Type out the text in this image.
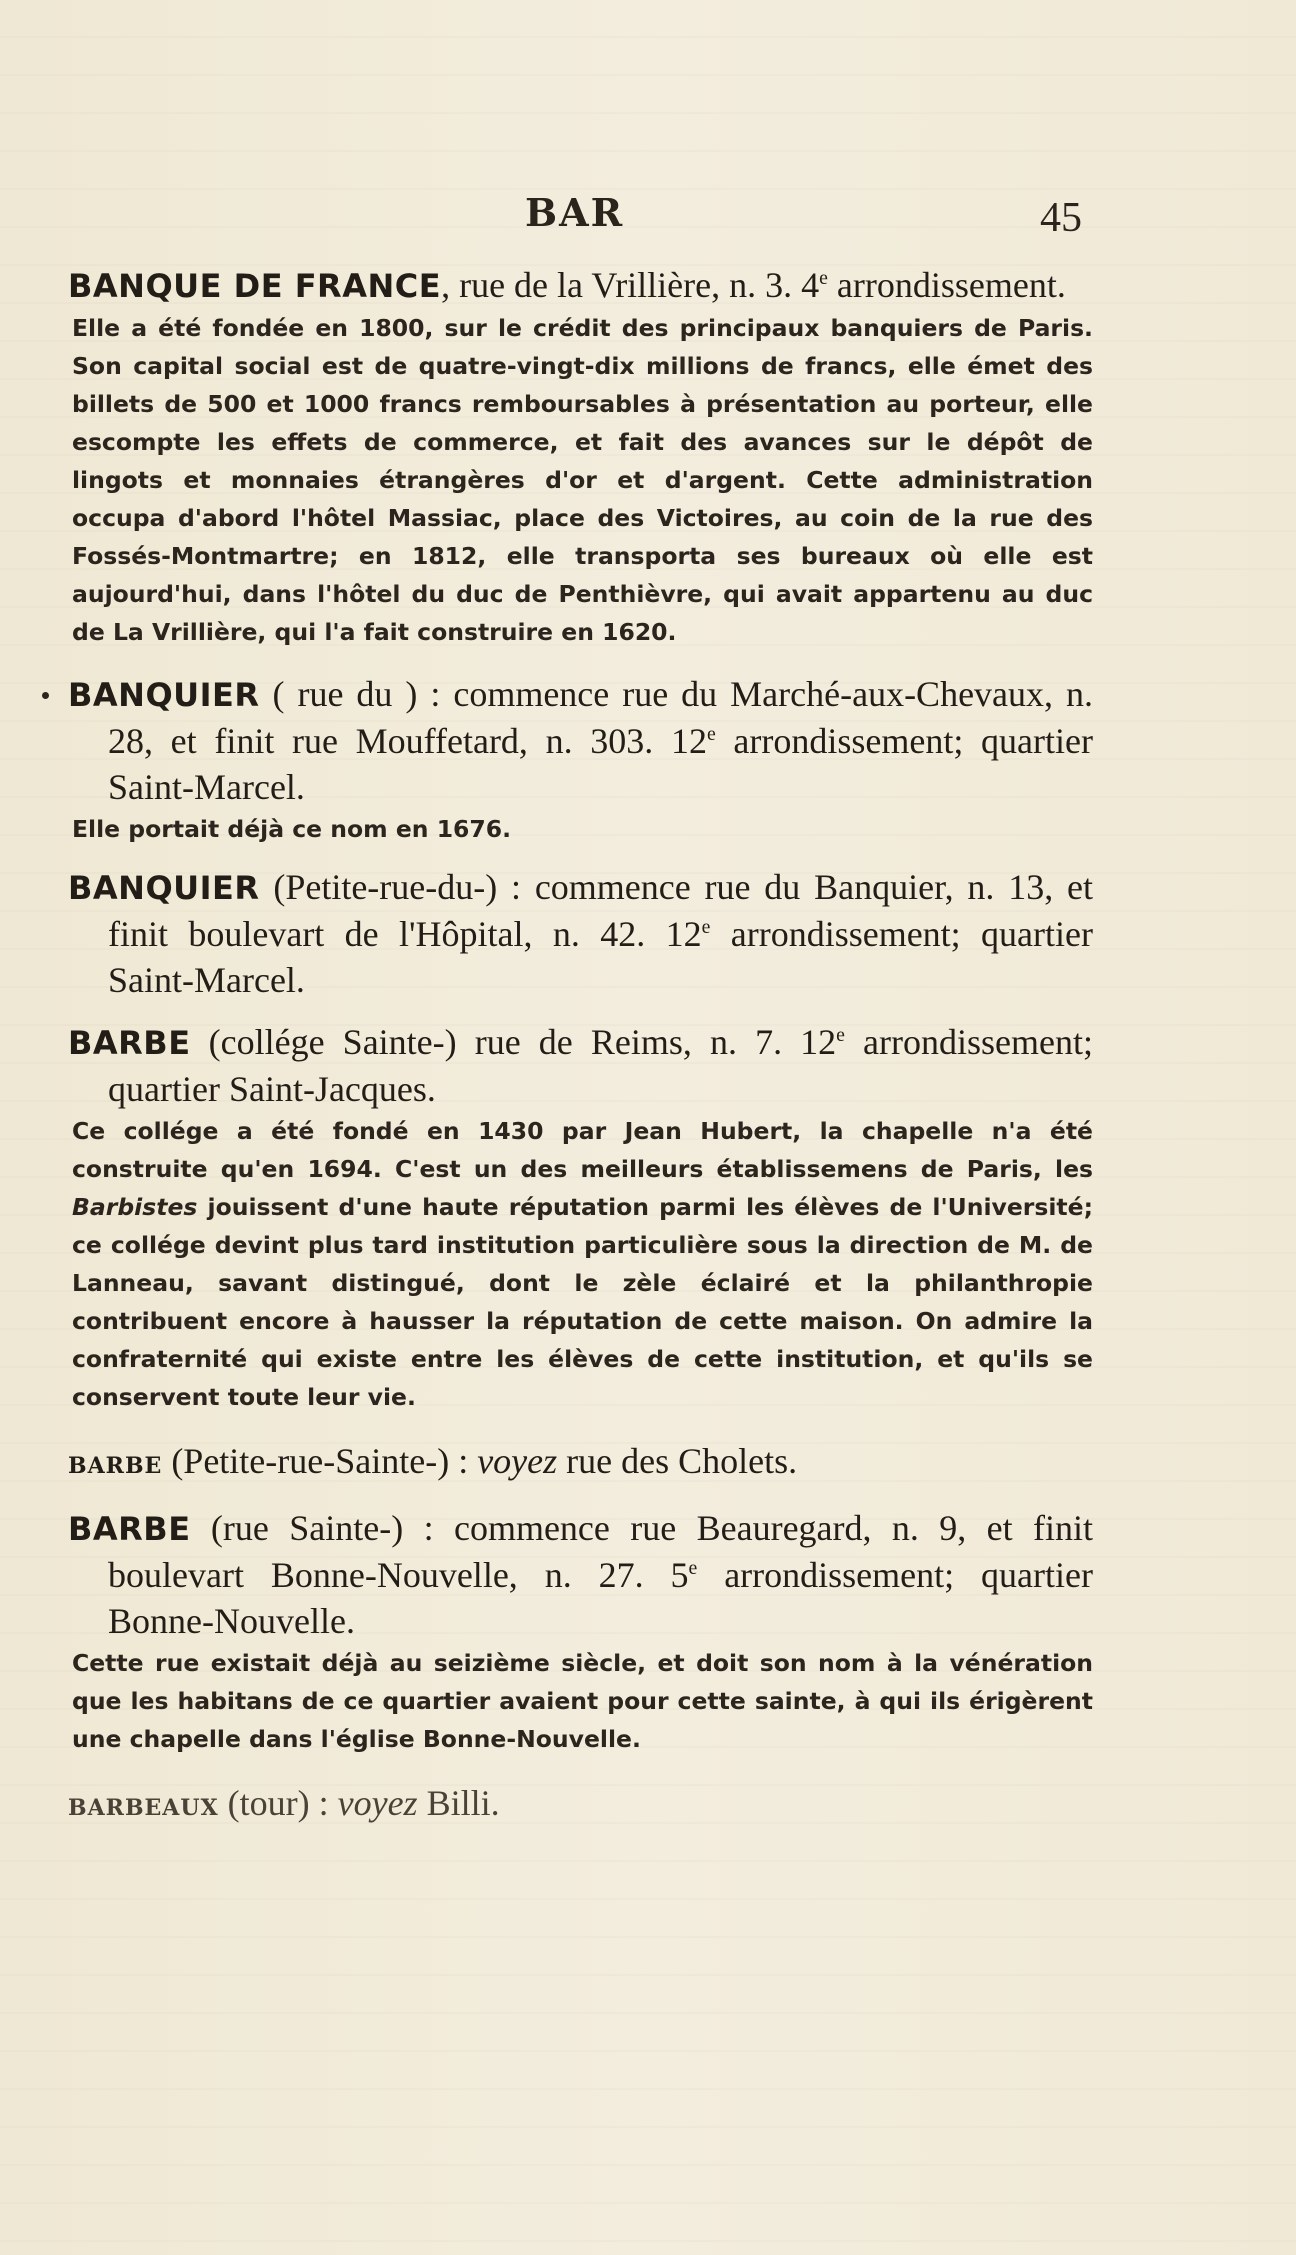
BAR	45

BANQUE DE FRANCE, rue de la Vrillière, n. 3. 4e arrondissement.

Elle a été fondée en 1800, sur le crédit des principaux banquiers de Paris. Son capital social est de quatre-vingt-dix millions de francs, elle émet des billets de 500 et 1000 francs remboursables à présentation au porteur, elle escompte les effets de commerce, et fait des avances sur le dépôt de lingots et monnaies étrangères d'or et d'argent. Cette administration occupa d'abord l'hôtel Massiac, place des Victoires, au coin de la rue des Fossés-Montmartre; en 1812, elle transporta ses bureaux où elle est aujourd'hui, dans l'hôtel du duc de Penthièvre, qui avait appartenu au duc de La Vrillière, qui l'a fait construire en 1620.

BANQUIER ( rue du ) : commence rue du Marché-aux-Chevaux, n. 28, et finit rue Mouffetard, n. 303. 12e arrondissement; quartier Saint-Marcel.

Elle portait déjà ce nom en 1676.

BANQUIER (Petite-rue-du-) : commence rue du Banquier, n. 13, et finit boulevart de l'Hôpital, n. 42. 12e arrondissement; quartier Saint-Marcel.

BARBE (collége Sainte-) rue de Reims, n. 7. 12e arrondissement; quartier Saint-Jacques.

Ce collége a été fondé en 1430 par Jean Hubert, la chapelle n'a été construite qu'en 1694. C'est un des meilleurs établissemens de Paris, les Barbistes jouissent d'une haute réputation parmi les élèves de l'Université; ce collége devint plus tard institution particulière sous la direction de M. de Lanneau, savant distingué, dont le zèle éclairé et la philanthropie contribuent encore à hausser la réputation de cette maison. On admire la confraternité qui existe entre les élèves de cette institution, et qu'ils se conservent toute leur vie.

BARBE (Petite-rue-Sainte-) : voyez rue des Cholets.

BARBE (rue Sainte-) : commence rue Beauregard, n. 9, et finit boulevart Bonne-Nouvelle, n. 27. 5e arrondissement; quartier Bonne-Nouvelle.

Cette rue existait déjà au seizième siècle, et doit son nom à la vénération que les habitans de ce quartier avaient pour cette sainte, à qui ils érigèrent une chapelle dans l'église Bonne-Nouvelle.

BARBEAUX (tour) : voyez Billi.
